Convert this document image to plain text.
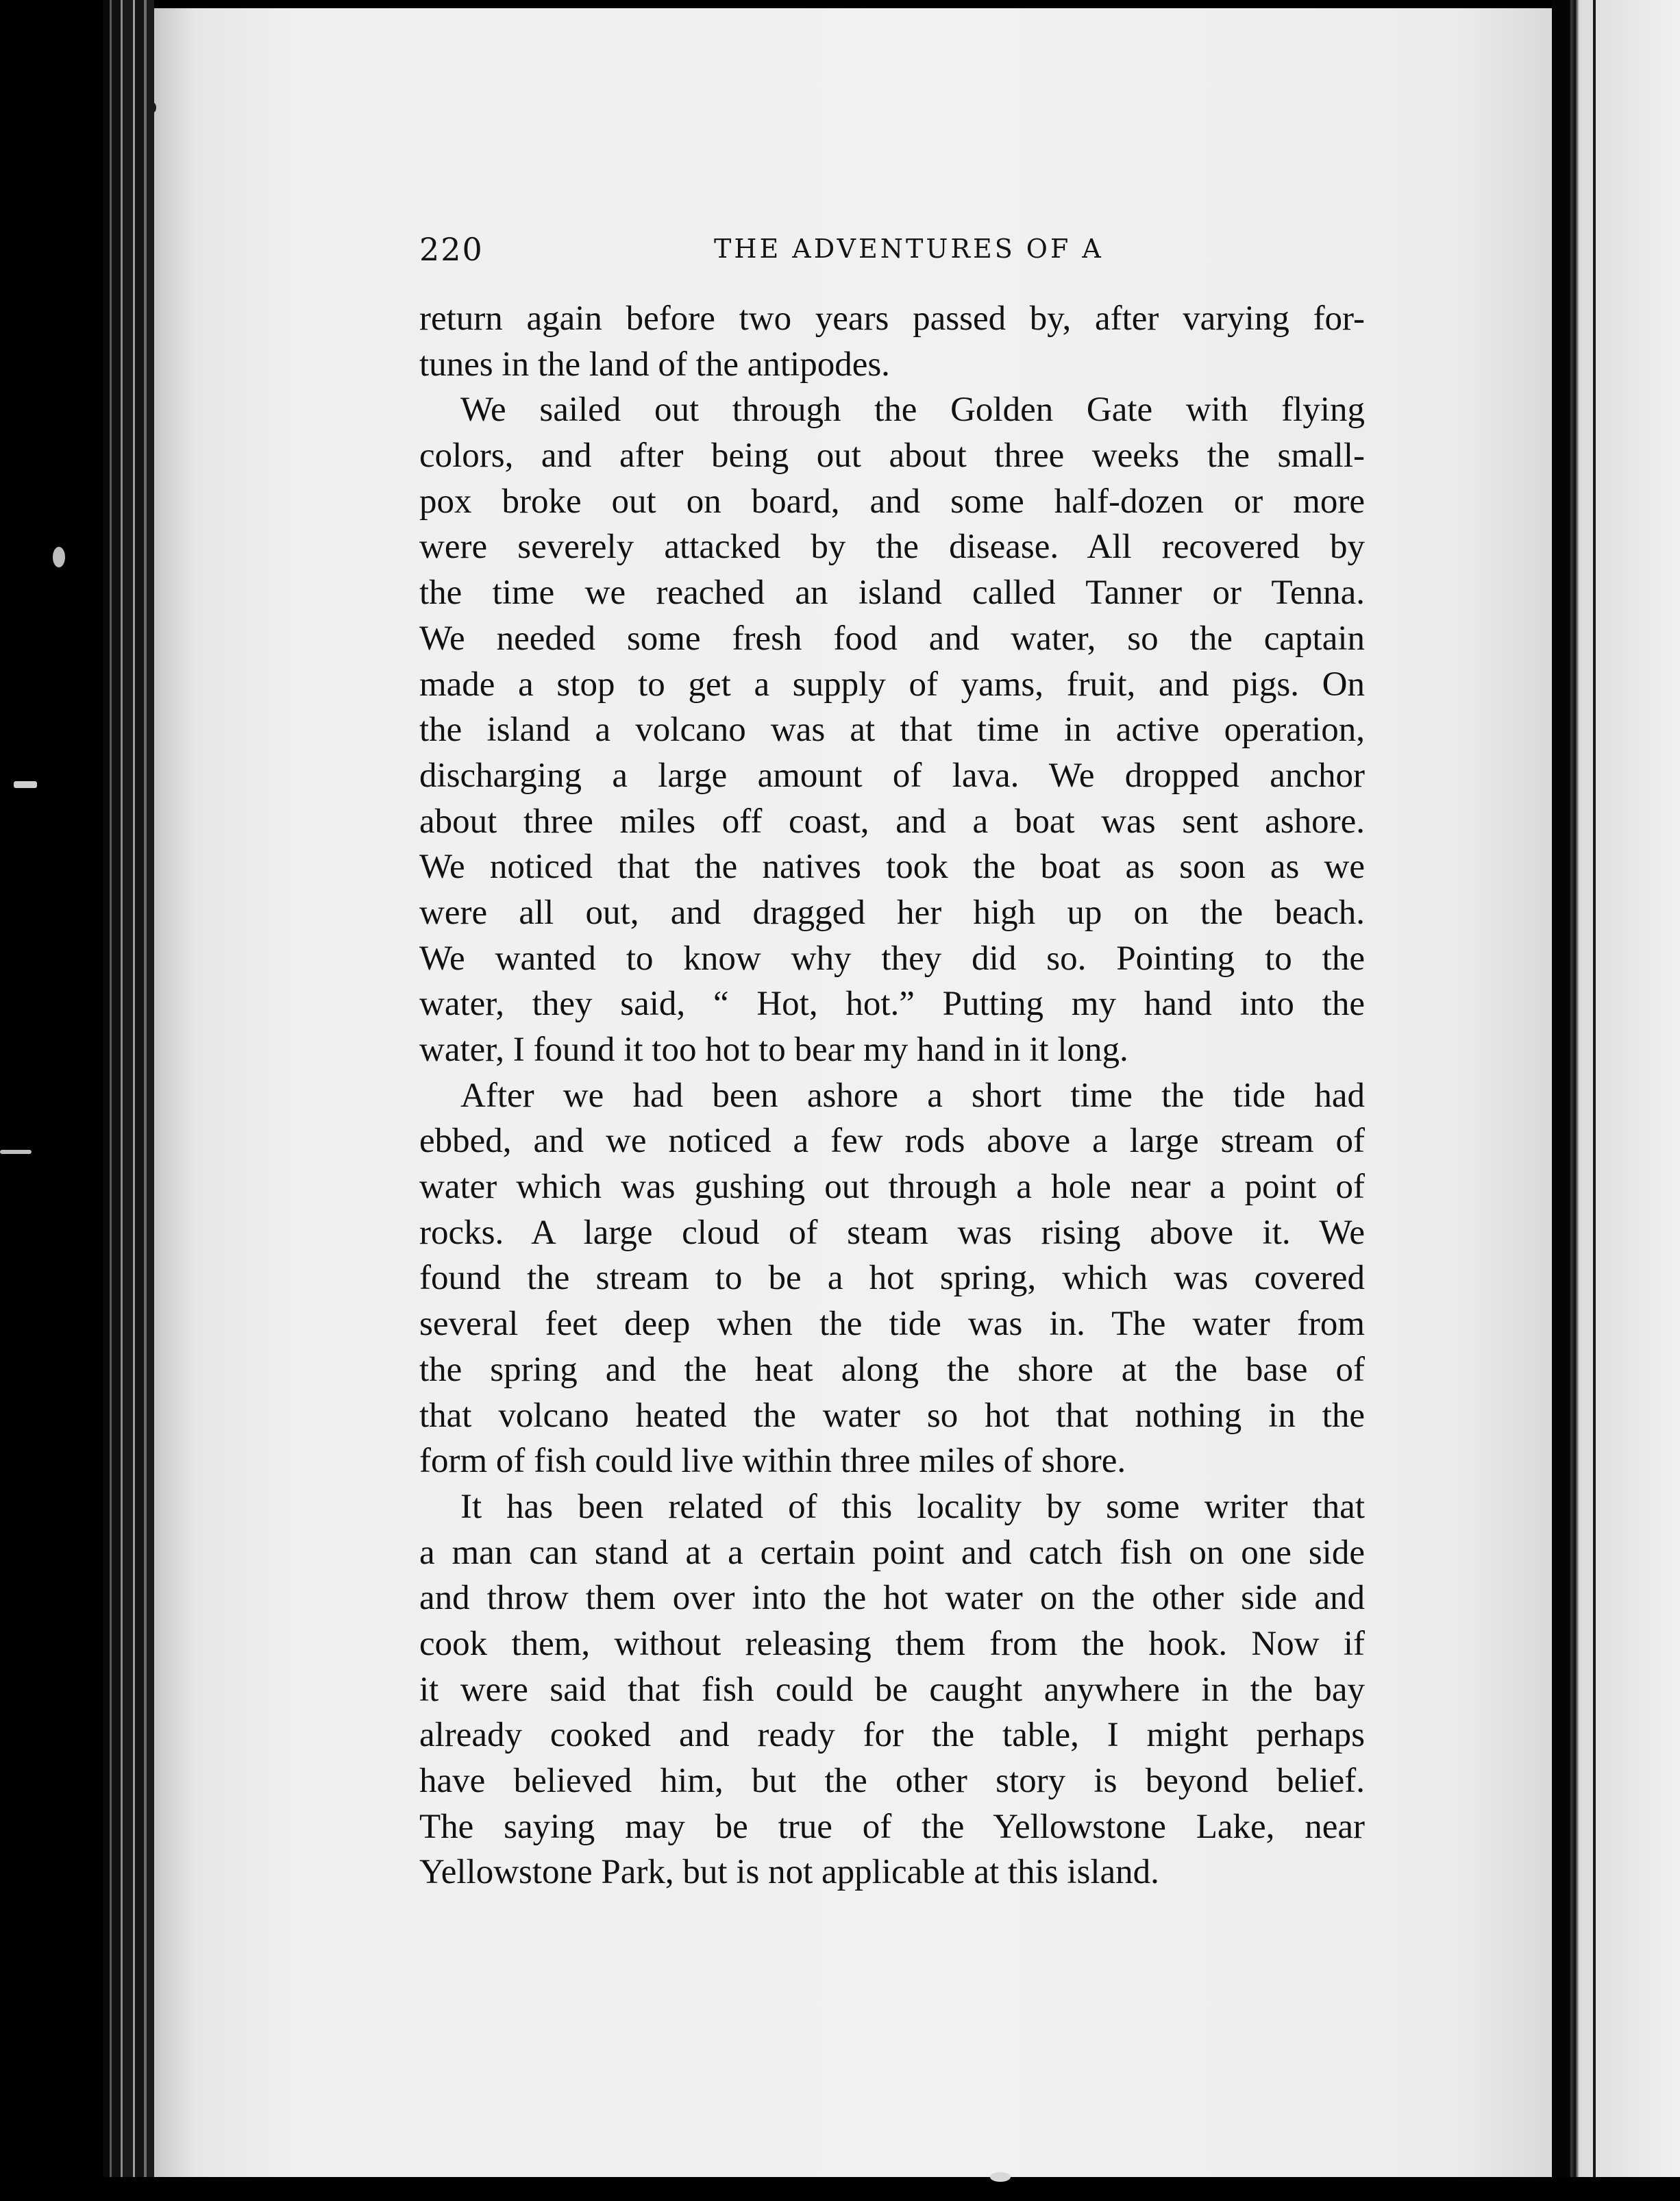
220	THE ADVENTURES OF A
return again before two years passed by, after varying for-
tunes in the land of the antipodes.
We sailed out through the Golden Gate with flying
colors, and after being out about three weeks the small-
pox broke out on board, and some half-dozen or more
were severely attacked by the disease. All recovered by
the time we reached an island called Tanner or Tenna.
We needed some fresh food and water, so the captain
made a stop to get a supply of yams, fruit, and pigs. On
the island a volcano was at that time in active operation,
discharging a large amount of lava. We dropped anchor
about three miles off coast, and a boat was sent ashore.
We noticed that the natives took the boat as soon as we
were all out, and dragged her high up on the beach.
We wanted to know why they did so. Pointing to the
water, they said, “ Hot, hot.” Putting my hand into the
water, I found it too hot to bear my hand in it long.
After we had been ashore a short time the tide had
ebbed, and we noticed a few rods above a large stream of
water which was gushing out through a hole near a point of
rocks. A large cloud of steam was rising above it. We
found the stream to be a hot spring, which was covered
several feet deep when the tide was in. The water from
the spring and the heat along the shore at the base of
that volcano heated the water so hot that nothing in the
form of fish could live within three miles of shore.
It has been related of this locality by some writer that
a man can stand at a certain point and catch fish on one side
and throw them over into the hot water on the other side and
cook them, without releasing them from the hook. Now if
it were said that fish could be caught anywhere in the bay
already cooked and ready for the table, I might perhaps
have believed him, but the other story is beyond belief.
The saying may be true of the Yellowstone Lake, near
Yellowstone Park, but is not applicable at this island.
